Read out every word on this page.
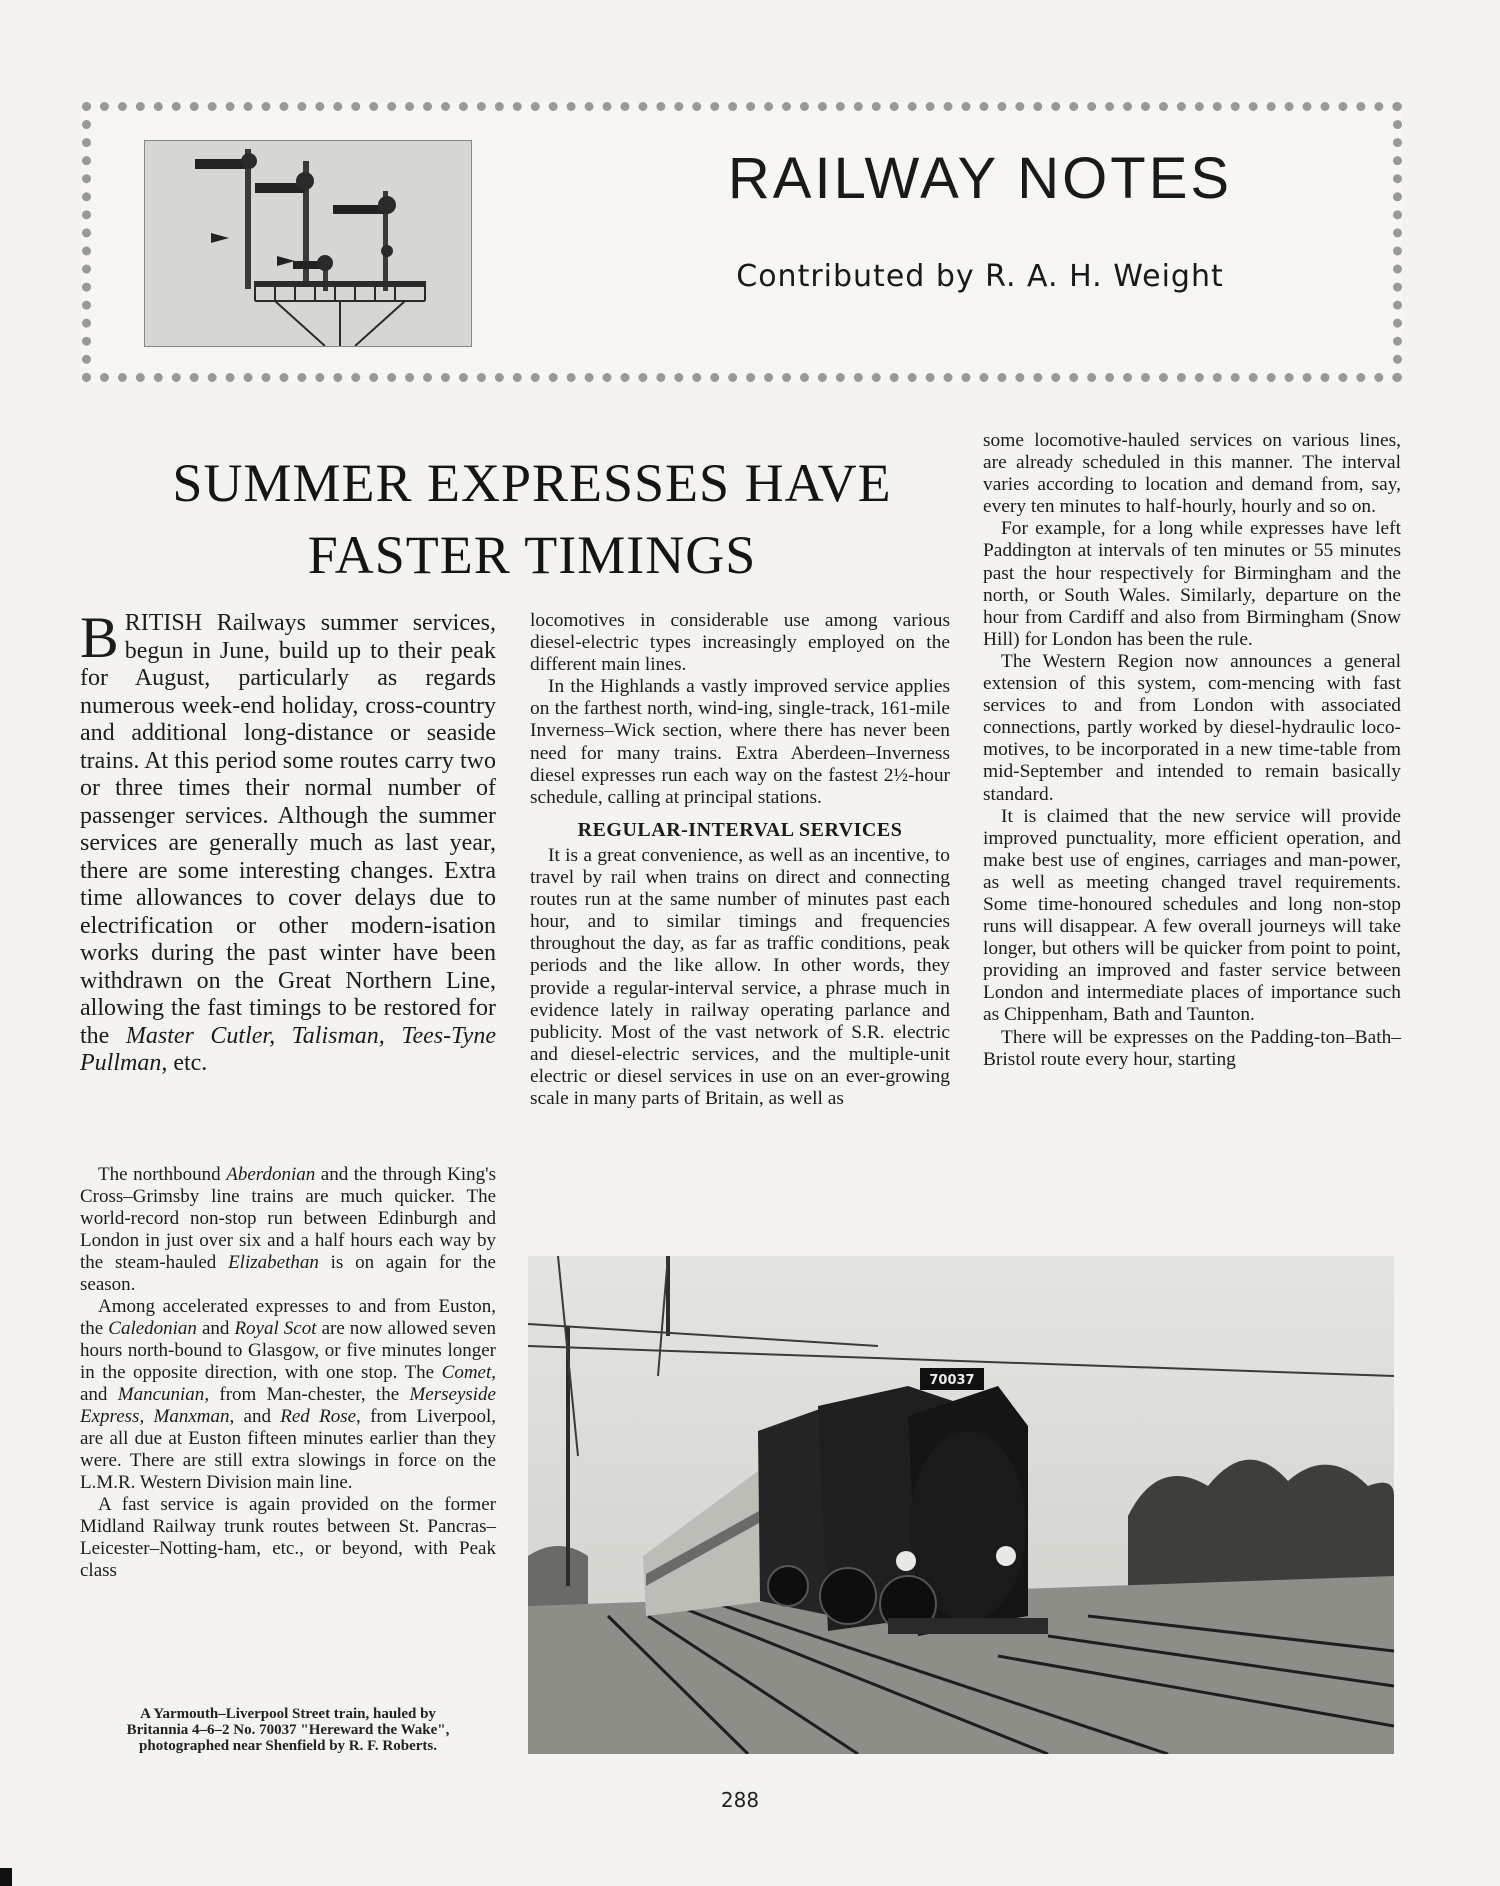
RAILWAY NOTES
Contributed by R. A. H. Weight
SUMMER EXPRESSES HAVE
FASTER TIMINGS

BRITISH Railways summer services, begun in June, build up to their peak for August, particularly as regards numerous week-end holiday, cross-country and additional long-distance or seaside trains. At this period some routes carry two or three times their normal number of passenger services. Although the summer services are generally much as last year, there are some interesting changes. Extra time allowances to cover delays due to electrification or other modern-isation works during the past winter have been withdrawn on the Great Northern Line, allowing the fast timings to be restored for the Master Cutler, Talisman, Tees-Tyne Pullman, etc.

The northbound Aberdonian and the through King's Cross–Grimsby line trains are much quicker. The world-record non-stop run between Edinburgh and London in just over six and a half hours each way by the steam-hauled Elizabethan is on again for the season.

Among accelerated expresses to and from Euston, the Caledonian and Royal Scot are now allowed seven hours north-bound to Glasgow, or five minutes longer in the opposite direction, with one stop. The Comet, and Mancunian, from Man-chester, the Merseyside Express, Manxman, and Red Rose, from Liverpool, are all due at Euston fifteen minutes earlier than they were. There are still extra slowings in force on the L.M.R. Western Division main line.

A fast service is again provided on the former Midland Railway trunk routes between St. Pancras–Leicester–Notting-ham, etc., or beyond, with Peak class

locomotives in considerable use among various diesel-electric types increasingly employed on the different main lines.

In the Highlands a vastly improved service applies on the farthest north, wind-ing, single-track, 161-mile Inverness–Wick section, where there has never been need for many trains. Extra Aberdeen–Inverness diesel expresses run each way on the fastest 2½-hour schedule, calling at principal stations.

REGULAR-INTERVAL SERVICES

It is a great convenience, as well as an incentive, to travel by rail when trains on direct and connecting routes run at the same number of minutes past each hour, and to similar timings and frequencies throughout the day, as far as traffic conditions, peak periods and the like allow. In other words, they provide a regular-interval service, a phrase much in evidence lately in railway operating parlance and publicity. Most of the vast network of S.R. electric and diesel-electric services, and the multiple-unit electric or diesel services in use on an ever-growing scale in many parts of Britain, as well as

some locomotive-hauled services on various lines, are already scheduled in this manner. The interval varies according to location and demand from, say, every ten minutes to half-hourly, hourly and so on.

For example, for a long while expresses have left Paddington at intervals of ten minutes or 55 minutes past the hour respectively for Birmingham and the north, or South Wales. Similarly, departure on the hour from Cardiff and also from Birmingham (Snow Hill) for London has been the rule.

The Western Region now announces a general extension of this system, com-mencing with fast services to and from London with associated connections, partly worked by diesel-hydraulic loco-motives, to be incorporated in a new time-table from mid-September and intended to remain basically standard.

It is claimed that the new service will provide improved punctuality, more efficient operation, and make best use of engines, carriages and man-power, as well as meeting changed travel requirements. Some time-honoured schedules and long non-stop runs will disappear. A few overall journeys will take longer, but others will be quicker from point to point, providing an improved and faster service between London and intermediate places of importance such as Chippenham, Bath and Taunton.

There will be expresses on the Padding-ton–Bath–Bristol route every hour, starting

70037
A Yarmouth–Liverpool Street train, hauled by
Britannia 4–6–2 No. 70037 "Hereward the Wake",
photographed near Shenfield by R. F. Roberts.
288
